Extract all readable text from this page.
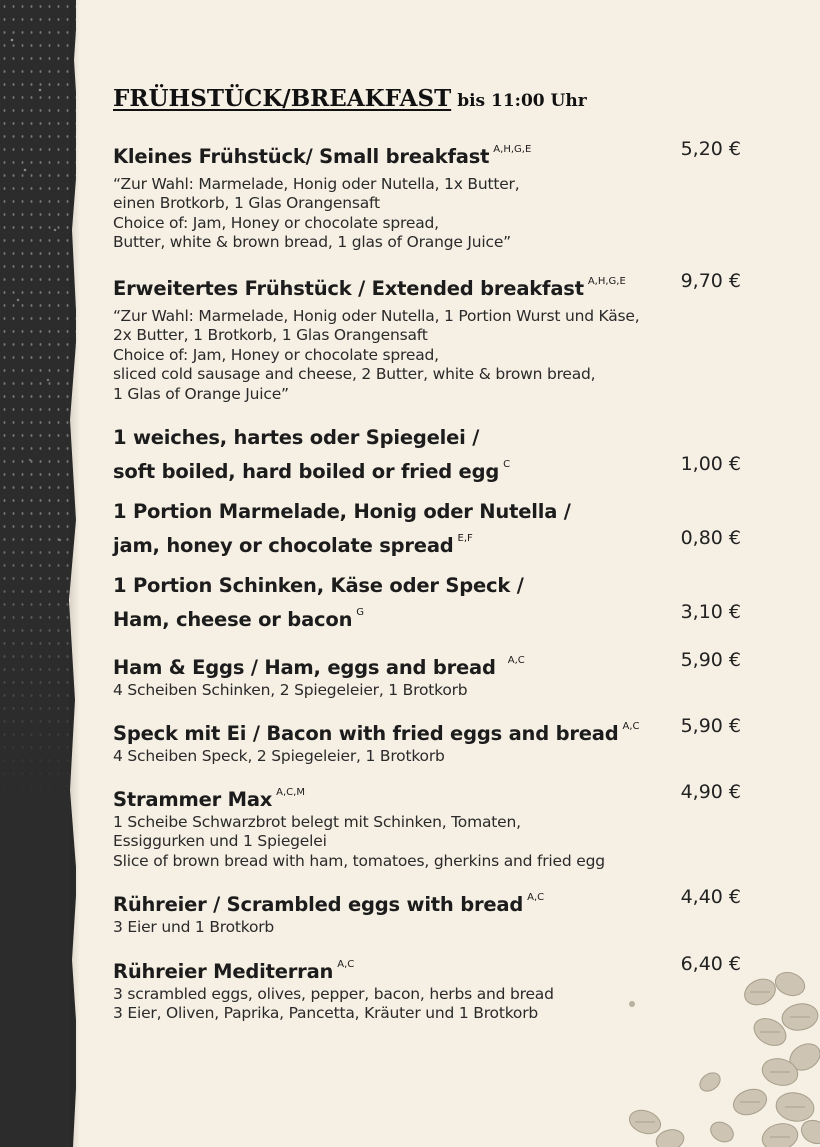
FRÜHSTÜCK/BREAKFAST bis 11:00 Uhr
Kleines Frühstück/ Small breakfast $^{A,H,G,E}$	5,20 €
“Zur Wahl: Marmelade, Honig oder Nutella, 1x Butter,
einen Brotkorb, 1 Glas Orangensaft
Choice of: Jam, Honey or chocolate spread,
Butter, white & brown bread, 1 glas of Orange Juice”
Erweitertes Frühstück / Extended breakfast $^{A,H,G,E}$	9,70 €
“Zur Wahl: Marmelade, Honig oder Nutella, 1 Portion Wurst und Käse,
2x Butter, 1 Brotkorb, 1 Glas Orangensaft
Choice of: Jam, Honey or chocolate spread,
sliced cold sausage and cheese, 2 Butter, white & brown bread,
1 Glas of Orange Juice”
1 weiches, hartes oder Spiegelei /
soft boiled, hard boiled or fried egg $^C$	1,00 €
1 Portion Marmelade, Honig oder Nutella /
jam, honey or chocolate spread $^{E,F}$	0,80 €
1 Portion Schinken, Käse oder Speck /
Ham, cheese or bacon $^G$	3,10 €
Ham & Eggs / Ham, eggs and bread $^{A,C}$	5,90 €
4 Scheiben Schinken, 2 Spiegeleier, 1 Brotkorb
Speck mit Ei / Bacon with fried eggs and bread $^{A,C}$	5,90 €
4 Scheiben Speck, 2 Spiegeleier, 1 Brotkorb
Strammer Max $^{A,C,M}$	4,90 €
1 Scheibe Schwarzbrot belegt mit Schinken, Tomaten,
Essiggurken und 1 Spiegelei
Slice of brown bread with ham, tomatoes, gherkins and fried egg
Rührеier / Scrambled eggs with bread $^{A,C}$	4,40 €
3 Eier und 1 Brotkorb
Rührеier Mediterran $^{A,C}$	6,40 €
3 scrambled eggs, olives, pepper, bacon, herbs and bread
3 Eier, Oliven, Paprika, Pancetta, Kräuter und 1 Brotkorb
